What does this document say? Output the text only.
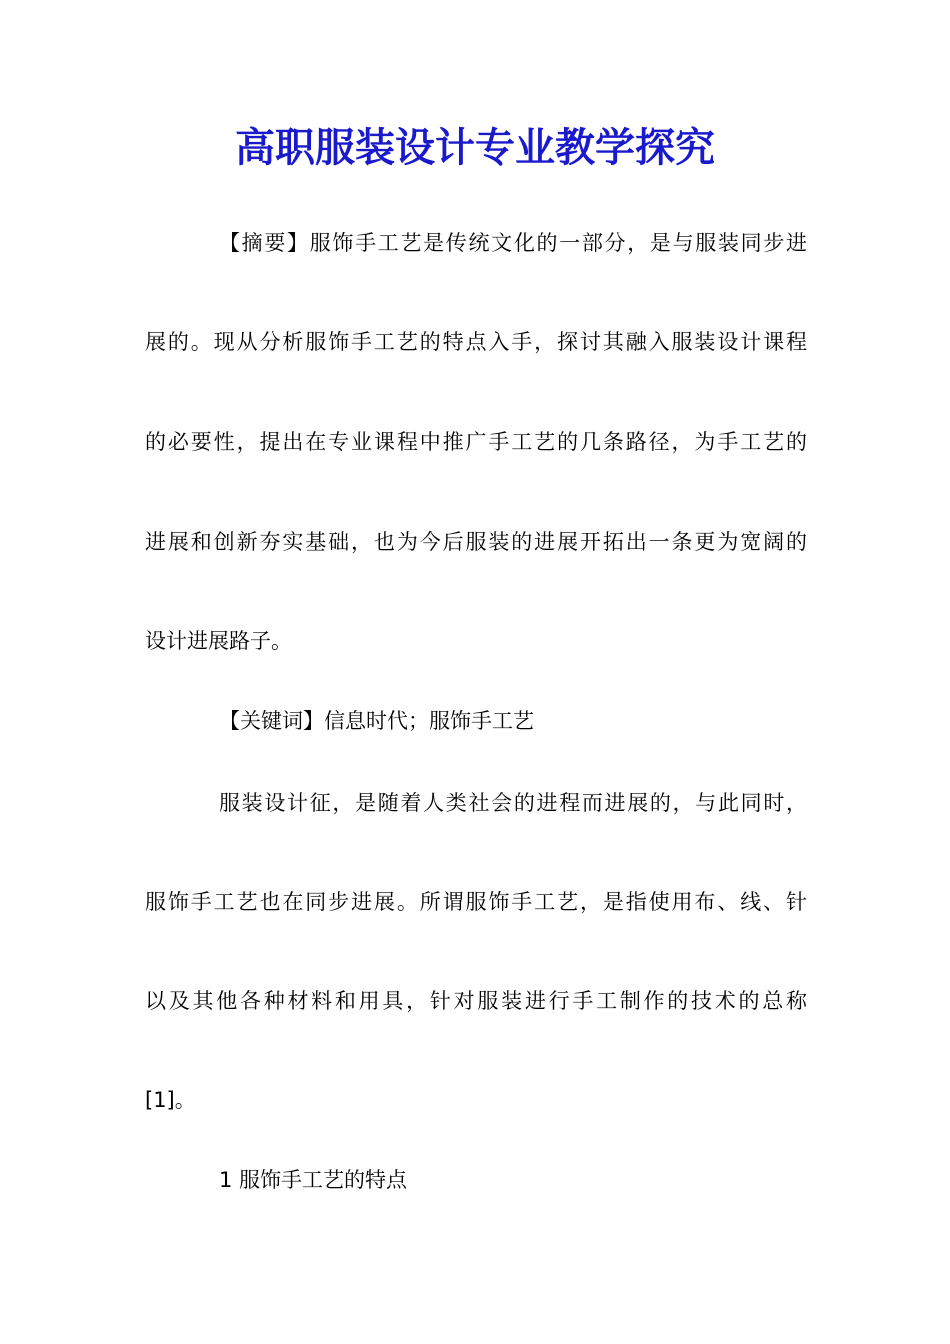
高职服装设计专业教学探究

【摘要】服饰手工艺是传统文化的一部分，是与服装同步进

展的。现从分析服饰手工艺的特点入手，探讨其融入服装设计课程

的必要性，提出在专业课程中推广手工艺的几条路径，为手工艺的

进展和创新夯实基础，也为今后服装的进展开拓出一条更为宽阔的

设计进展路子。

【关键词】信息时代；服饰手工艺

服装设计征，是随着人类社会的进程而进展的，与此同时，

服饰手工艺也在同步进展。所谓服饰手工艺，是指使用布、线、针

以及其他各种材料和用具，针对服装进行手工制作的技术的总称

[1]。

1 服饰手工艺的特点
